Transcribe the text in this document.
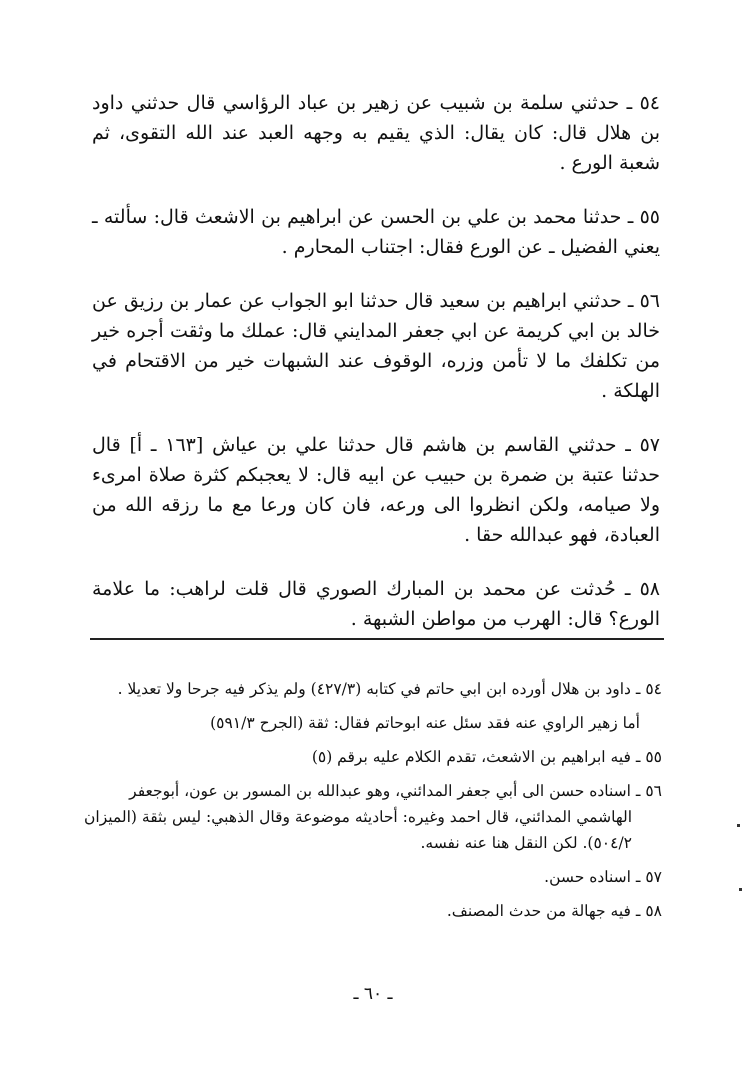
٥٤ ـ حدثني سلمة بن شبيب عن زهير بن عباد الرؤاسي قال حدثني داود بن هلال قال: كان يقال: الذي يقيم به وجهه العبد عند الله التقوى، ثم شعبة الورع .

٥٥ ـ حدثنا محمد بن علي بن الحسن عن ابراهيم بن الاشعث قال: سألته ـ يعني الفضيل ـ عن الورع فقال: اجتناب المحارم .

٥٦ ـ حدثني ابراهيم بن سعيد قال حدثنا ابو الجواب عن عمار بن رزيق عن خالد بن ابي كريمة عن ابي جعفر المدايني قال: عملك ما وثقت أجره خير من تكلفك ما لا تأمن وزره، الوقوف عند الشبهات خير من الاقتحام في الهلكة .

٥٧ ـ حدثني القاسم بن هاشم قال حدثنا علي بن عياش [١٦٣ ـ أ] قال حدثنا عتبة بن ضمرة بن حبيب عن ابيه قال: لا يعجبكم كثرة صلاة امرىء ولا صيامه، ولكن انظروا الى ورعه، فان كان ورعا مع ما رزقه الله من العبادة، فهو عبدالله حقا .

٥٨ ـ حُدثت عن محمد بن المبارك الصوري قال قلت لراهب: ما علامة الورع؟ قال: الهرب من مواطن الشبهة .

٥٤ ـ داود بن هلال أورده ابن ابي حاتم في كتابه (٤٢٧/٣) ولم يذكر فيه جرحا ولا تعديلا .

أما زهير الراوي عنه فقد سئل عنه ابوحاتم فقال: ثقة (الجرح ٥٩١/٣)

٥٥ ـ فيه ابراهيم بن الاشعث، تقدم الكلام عليه برقم (٥)

٥٦ ـ اسناده حسن الى أبي جعفر المدائني، وهو عبدالله بن المسور بن عون، أبوجعفر الهاشمي المدائني، قال احمد وغيره: أحاديثه موضوعة وقال الذهبي: ليس بثقة (الميزان ٥٠٤/٢). لكن النقل هنا عنه نفسه.

٥٧ ـ اسناده حسن.

٥٨ ـ فيه جهالة من حدث المصنف.

ـ ٦٠ ـ
